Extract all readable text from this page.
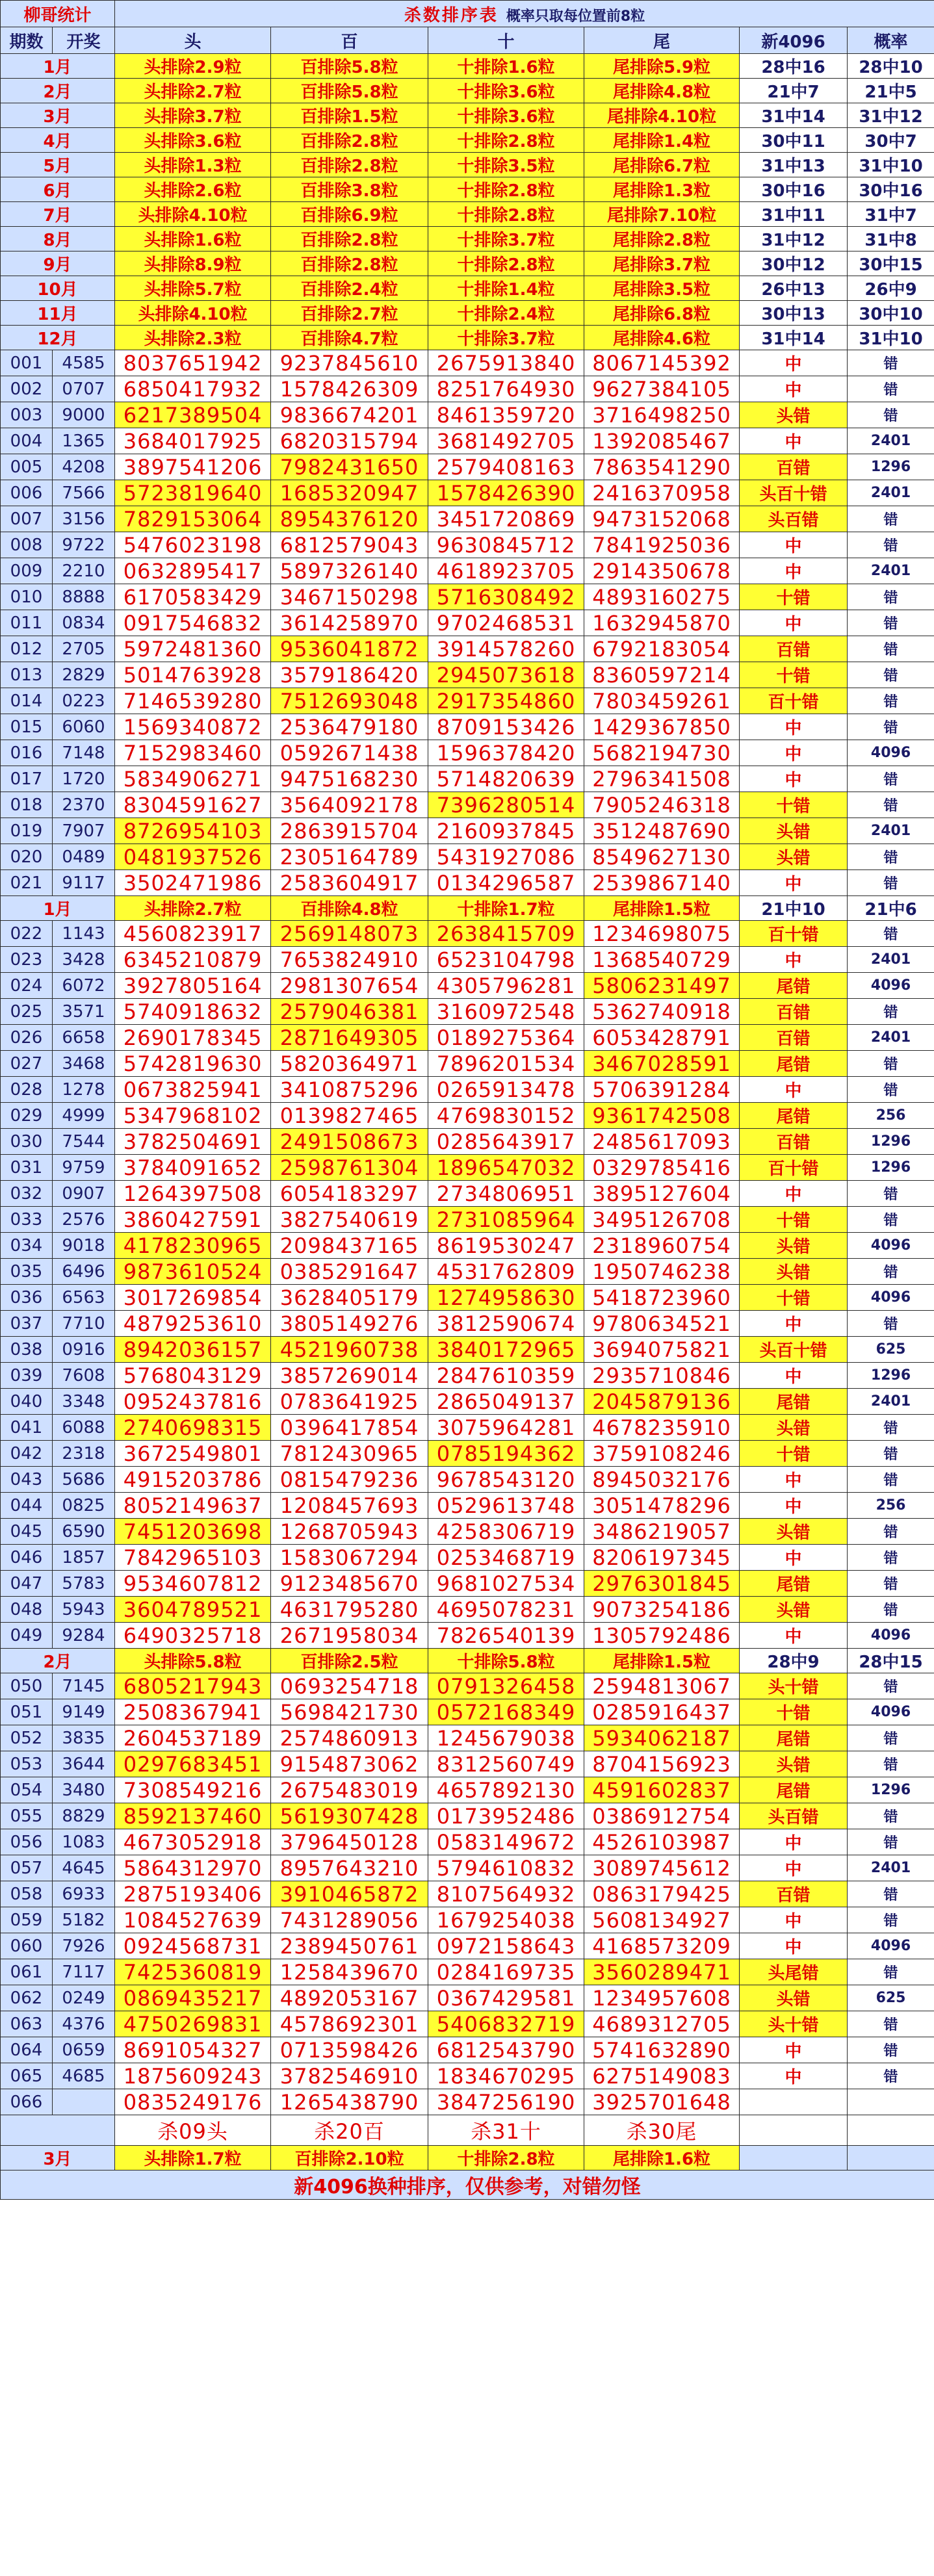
柳哥统计		杀数排序表 概率只取每位置前8粒					
期数	开奖	头	百	十	尾	新4096	概率
1月		头排除2.9粒	百排除5.8粒	十排除1.6粒	尾排除5.9粒	28中16	28中10
2月		头排除2.7粒	百排除5.8粒	十排除3.6粒	尾排除4.8粒	21中7	21中5
3月		头排除3.7粒	百排除1.5粒	十排除3.6粒	尾排除4.10粒	31中14	31中12
4月		头排除3.6粒	百排除2.8粒	十排除2.8粒	尾排除1.4粒	30中11	30中7
5月		头排除1.3粒	百排除2.8粒	十排除3.5粒	尾排除6.7粒	31中13	31中10
6月		头排除2.6粒	百排除3.8粒	十排除2.8粒	尾排除1.3粒	30中16	30中16
7月		头排除4.10粒	百排除6.9粒	十排除2.8粒	尾排除7.10粒	31中11	31中7
8月		头排除1.6粒	百排除2.8粒	十排除3.7粒	尾排除2.8粒	31中12	31中8
9月		头排除8.9粒	百排除2.8粒	十排除2.8粒	尾排除3.7粒	30中12	30中15
10月		头排除5.7粒	百排除2.4粒	十排除1.4粒	尾排除3.5粒	26中13	26中9
11月		头排除4.10粒	百排除2.7粒	十排除2.4粒	尾排除6.8粒	30中13	30中10
12月		头排除2.3粒	百排除4.7粒	十排除3.7粒	尾排除4.6粒	31中14	31中10
001	4585	8037651942	9237845610	2675913840	8067145392	中	错
002	0707	6850417932	1578426309	8251764930	9627384105	中	错
003	9000	6217389504	9836674201	8461359720	3716498250	头错	错
004	1365	3684017925	6820315794	3681492705	1392085467	中	2401
005	4208	3897541206	7982431650	2579408163	7863541290	百错	1296
006	7566	5723819640	1685320947	1578426390	2416370958	头百十错	2401
007	3156	7829153064	8954376120	3451720869	9473152068	头百错	错
008	9722	5476023198	6812579043	9630845712	7841925036	中	错
009	2210	0632895417	5897326140	4618923705	2914350678	中	2401
010	8888	6170583429	3467150298	5716308492	4893160275	十错	错
011	0834	0917546832	3614258970	9702468531	1632945870	中	错
012	2705	5972481360	9536041872	3914578260	6792183054	百错	错
013	2829	5014763928	3579186420	2945073618	8360597214	十错	错
014	0223	7146539280	7512693048	2917354860	7803459261	百十错	错
015	6060	1569340872	2536479180	8709153426	1429367850	中	错
016	7148	7152983460	0592671438	1596378420	5682194730	中	4096
017	1720	5834906271	9475168230	5714820639	2796341508	中	错
018	2370	8304591627	3564092178	7396280514	7905246318	十错	错
019	7907	8726954103	2863915704	2160937845	3512487690	头错	2401
020	0489	0481937526	2305164789	5431927086	8549627130	头错	错
021	9117	3502471986	2583604917	0134296587	2539867140	中	错
1月		头排除2.7粒	百排除4.8粒	十排除1.7粒	尾排除1.5粒	21中10	21中6
022	1143	4560823917	2569148073	2638415709	1234698075	百十错	错
023	3428	6345210879	7653824910	6523104798	1368540729	中	2401
024	6072	3927805164	2981307654	4305796281	5806231497	尾错	4096
025	3571	5740918632	2579046381	3160972548	5362740918	百错	错
026	6658	2690178345	2871649305	0189275364	6053428791	百错	2401
027	3468	5742819630	5820364971	7896201534	3467028591	尾错	错
028	1278	0673825941	3410875296	0265913478	5706391284	中	错
029	4999	5347968102	0139827465	4769830152	9361742508	尾错	256
030	7544	3782504691	2491508673	0285643917	2485617093	百错	1296
031	9759	3784091652	2598761304	1896547032	0329785416	百十错	1296
032	0907	1264397508	6054183297	2734806951	3895127604	中	错
033	2576	3860427591	3827540619	2731085964	3495126708	十错	错
034	9018	4178230965	2098437165	8619530247	2318960754	头错	4096
035	6496	9873610524	0385291647	4531762809	1950746238	头错	错
036	6563	3017269854	3628405179	1274958630	5418723960	十错	4096
037	7710	4879253610	3805149276	3812590674	9780634521	中	错
038	0916	8942036157	4521960738	3840172965	3694075821	头百十错	625
039	7608	5768043129	3857269014	2847610359	2935710846	中	1296
040	3348	0952437816	0783641925	2865049137	2045879136	尾错	2401
041	6088	2740698315	0396417854	3075964281	4678235910	头错	错
042	2318	3672549801	7812430965	0785194362	3759108246	十错	错
043	5686	4915203786	0815479236	9678543120	8945032176	中	错
044	0825	8052149637	1208457693	0529613748	3051478296	中	256
045	6590	7451203698	1268705943	4258306719	3486219057	头错	错
046	1857	7842965103	1583067294	0253468719	8206197345	中	错
047	5783	9534607812	9123485670	9681027534	2976301845	尾错	错
048	5943	3604789521	4631795280	4695078231	9073254186	头错	错
049	9284	6490325718	2671958034	7826540139	1305792486	中	4096
2月		头排除5.8粒	百排除2.5粒	十排除5.8粒	尾排除1.5粒	28中9	28中15
050	7145	6805217943	0693254718	0791326458	2594813067	头十错	错
051	9149	2508367941	5698421730	0572168349	0285916437	十错	4096
052	3835	2604537189	2574860913	1245679038	5934062187	尾错	错
053	3644	0297683451	9154873062	8312560749	8704156923	头错	错
054	3480	7308549216	2675483019	4657892130	4591602837	尾错	1296
055	8829	8592137460	5619307428	0173952486	0386912754	头百错	错
056	1083	4673052918	3796450128	0583149672	4526103987	中	错
057	4645	5864312970	8957643210	5794610832	3089745612	中	2401
058	6933	2875193406	3910465872	8107564932	0863179425	百错	错
059	5182	1084527639	7431289056	1679254038	5608134927	中	错
060	7926	0924568731	2389450761	0972158643	4168573209	中	4096
061	7117	7425360819	1258439670	0284169735	3560289471	头尾错	错
062	0249	0869435217	4892053167	0367429581	1234957608	头错	625
063	4376	4750269831	4578692301	5406832719	4689312705	头十错	错
064	0659	8691054327	0713598426	6812543790	5741632890	中	错
065	4685	1875609243	3782546910	1834670295	6275149083	中	错
066		0835249176	1265438790	3847256190	3925701648		
		杀09头	杀20百	杀31十	杀30尾		
3月		头排除1.7粒	百排除2.10粒	十排除2.8粒	尾排除1.6粒		
新4096换种排序，仅供参考，对错勿怪							
